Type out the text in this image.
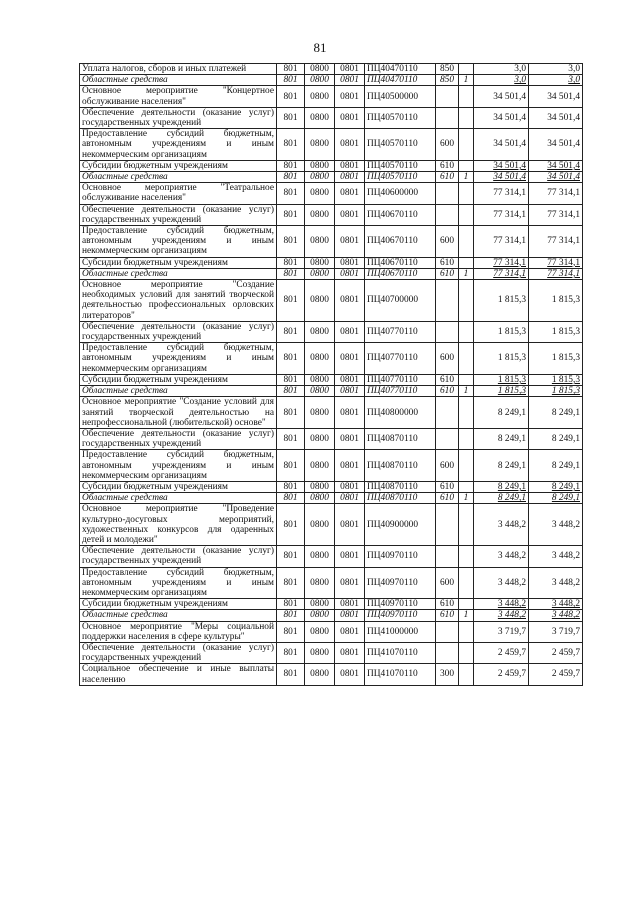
81
Уплата налогов, сборов и иных платежей	801	0800	0801	ПЦ40470110	850		3,0	3,0
Областные средства	801	0800	0801	ПЦ40470110	850	1	3,0	3,0
Основное мероприятие "Концертное обслуживание населения"	801	0800	0801	ПЦ40500000			34 501,4	34 501,4
Обеспечение деятельности (оказание услуг) государственных учреждений	801	0800	0801	ПЦ40570110			34 501,4	34 501,4
Предоставление субсидий бюджетным, автономным учреждениям и иным некоммерческим организациям	801	0800	0801	ПЦ40570110	600		34 501,4	34 501,4
Субсидии бюджетным учреждениям	801	0800	0801	ПЦ40570110	610		34 501,4	34 501,4
Областные средства	801	0800	0801	ПЦ40570110	610	1	34 501,4	34 501,4
Основное мероприятие "Театральное обслуживание населения"	801	0800	0801	ПЦ40600000			77 314,1	77 314,1
Обеспечение деятельности (оказание услуг) государственных учреждений	801	0800	0801	ПЦ40670110			77 314,1	77 314,1
Предоставление субсидий бюджетным, автономным учреждениям и иным некоммерческим организациям	801	0800	0801	ПЦ40670110	600		77 314,1	77 314,1
Субсидии бюджетным учреждениям	801	0800	0801	ПЦ40670110	610		77 314,1	77 314,1
Областные средства	801	0800	0801	ПЦ40670110	610	1	77 314,1	77 314,1
Основное мероприятие "Создание необходимых условий для занятий творческой деятельностью профессиональных орловских литераторов"	801	0800	0801	ПЦ40700000			1 815,3	1 815,3
Обеспечение деятельности (оказание услуг) государственных учреждений	801	0800	0801	ПЦ40770110			1 815,3	1 815,3
Предоставление субсидий бюджетным, автономным учреждениям и иным некоммерческим организациям	801	0800	0801	ПЦ40770110	600		1 815,3	1 815,3
Субсидии бюджетным учреждениям	801	0800	0801	ПЦ40770110	610		1 815,3	1 815,3
Областные средства	801	0800	0801	ПЦ40770110	610	1	1 815,3	1 815,3
Основное мероприятие "Создание условий для занятий творческой деятельностью на непрофессиональной (любительской) основе"	801	0800	0801	ПЦ40800000			8 249,1	8 249,1
Обеспечение деятельности (оказание услуг) государственных учреждений	801	0800	0801	ПЦ40870110			8 249,1	8 249,1
Предоставление субсидий бюджетным, автономным учреждениям и иным некоммерческим организациям	801	0800	0801	ПЦ40870110	600		8 249,1	8 249,1
Субсидии бюджетным учреждениям	801	0800	0801	ПЦ40870110	610		8 249,1	8 249,1
Областные средства	801	0800	0801	ПЦ40870110	610	1	8 249,1	8 249,1
Основное мероприятие "Проведение культурно-досуговых мероприятий, художественных конкурсов для одаренных детей и молодежи"	801	0800	0801	ПЦ40900000			3 448,2	3 448,2
Обеспечение деятельности (оказание услуг) государственных учреждений	801	0800	0801	ПЦ40970110			3 448,2	3 448,2
Предоставление субсидий бюджетным, автономным учреждениям и иным некоммерческим организациям	801	0800	0801	ПЦ40970110	600		3 448,2	3 448,2
Субсидии бюджетным учреждениям	801	0800	0801	ПЦ40970110	610		3 448,2	3 448,2
Областные средства	801	0800	0801	ПЦ40970110	610	1	3 448,2	3 448,2
Основное мероприятие "Меры социальной поддержки населения в сфере культуры"	801	0800	0801	ПЦ41000000			3 719,7	3 719,7
Обеспечение деятельности (оказание услуг) государственных учреждений	801	0800	0801	ПЦ41070110			2 459,7	2 459,7
Социальное обеспечение и иные выплаты населению	801	0800	0801	ПЦ41070110	300		2 459,7	2 459,7
